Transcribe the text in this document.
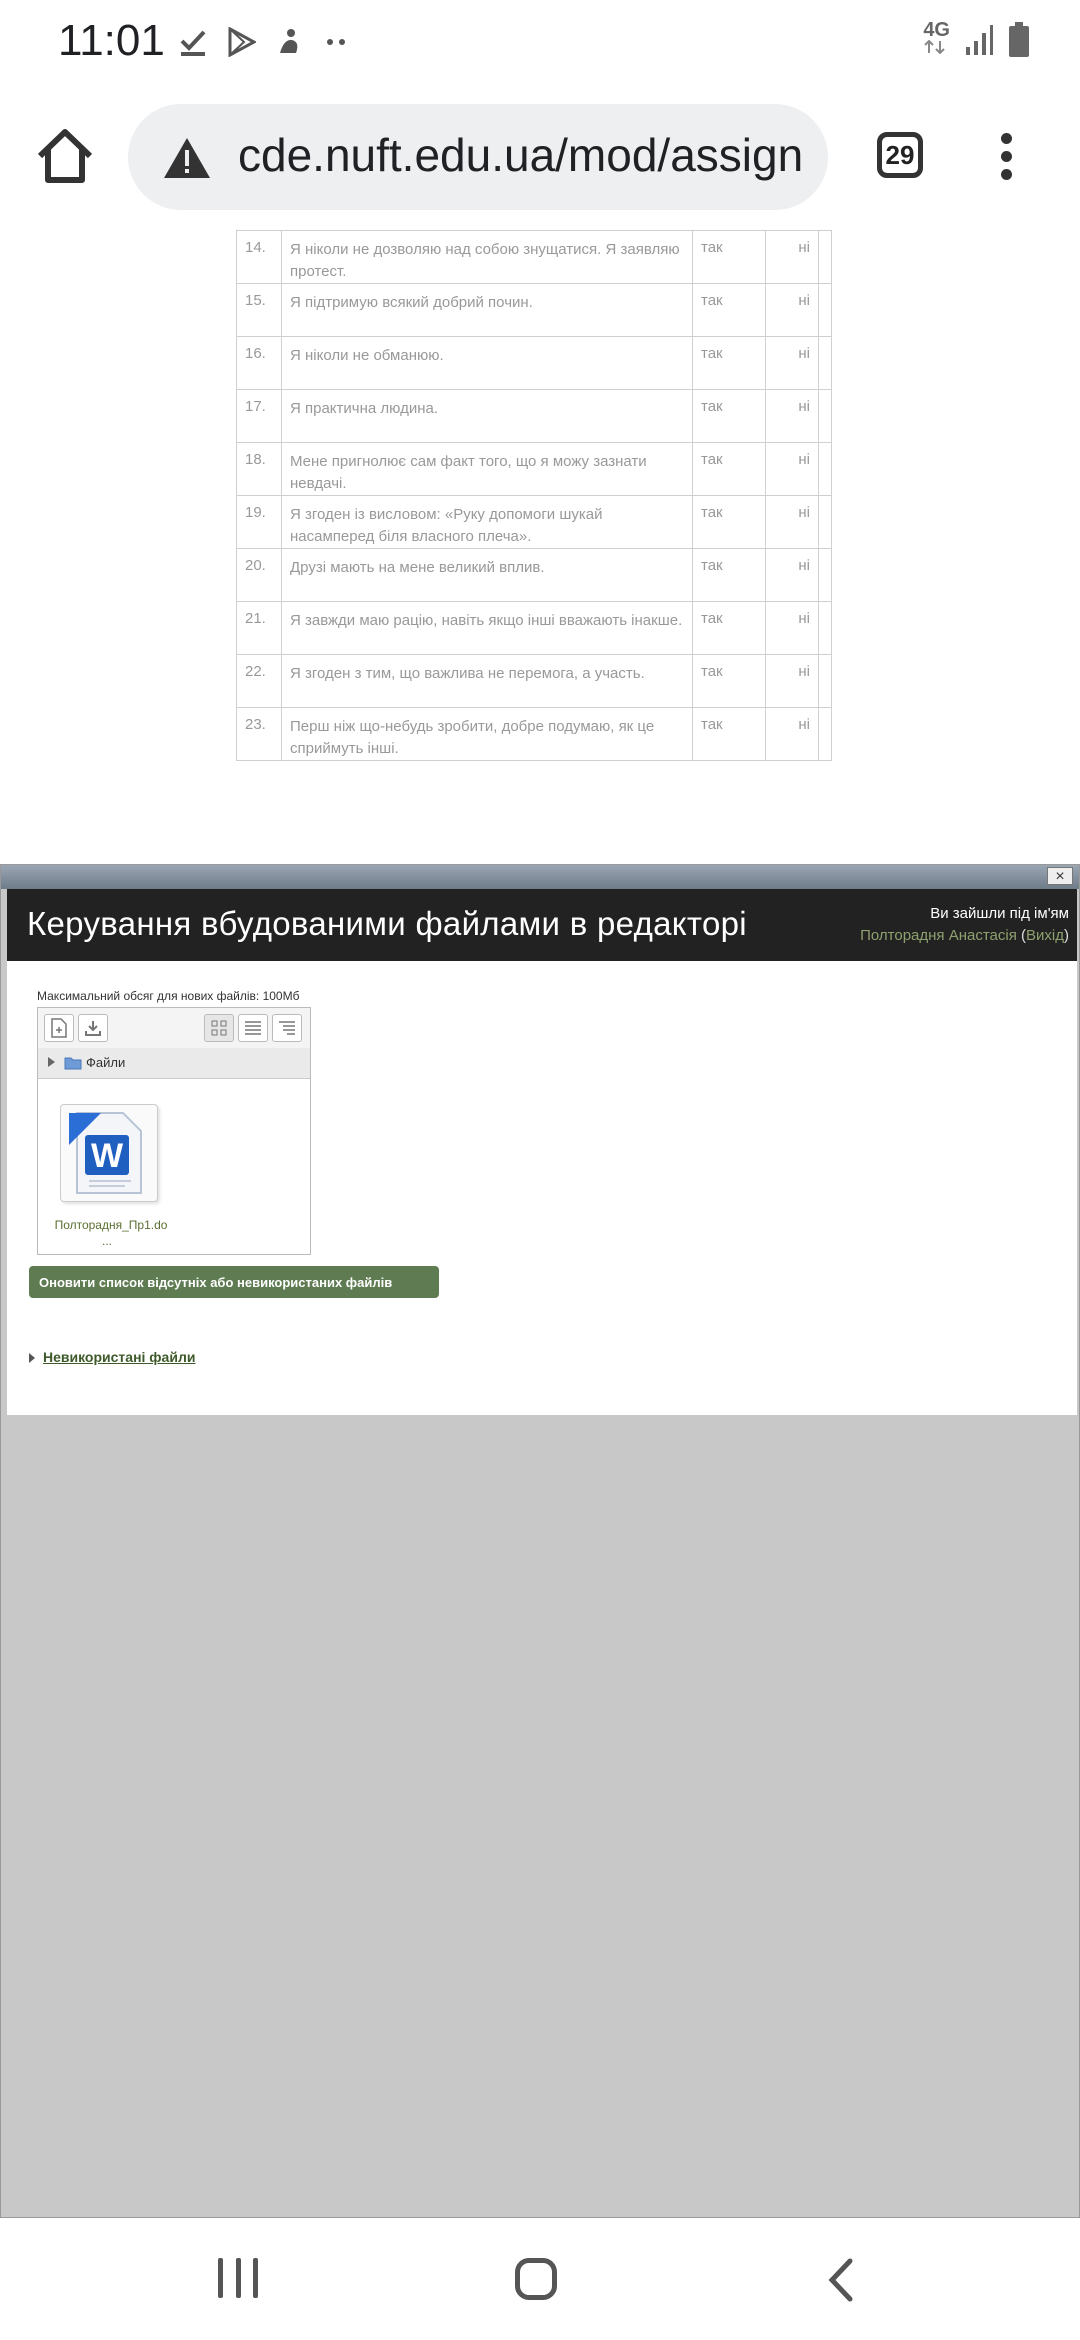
11:01	4G
cde.nuft.edu.ua/mod/assign	29
14.	Я ніколи не дозволяю над собою знущатися. Я заявляю протест.	так	ні	
15.	Я підтримую всякий добрий почин.	так	ні	
16.	Я ніколи не обманюю.	так	ні	
17.	Я практична людина.	так	ні	
18.	Мене пригнолює сам факт того, що я можу зазнати невдачі.	так	ні	
19.	Я згоден із висловом: «Руку допомоги шукай насамперед біля власного плеча».	так	ні	
20.	Друзі мають на мене великий вплив.	так	ні	
21.	Я завжди маю рацію, навіть якщо інші вважають інакше.	так	ні	
22.	Я згоден з тим, що важлива не перемога, а участь.	так	ні	
23.	Перш ніж що-небудь зробити, добре подумаю, як це сприймуть інші.	так	ні	
×
Керування вбудованими файлами в редакторі	Ви зайшли під ім'ям
Полторадня Анастасія (Вихід)
Максимальний обсяг для нових файлів: 100Мб
Файли
W
Полторадня_Пр1.do
...
Оновити список відсутніх або невикористаних файлів
Невикористані файли
